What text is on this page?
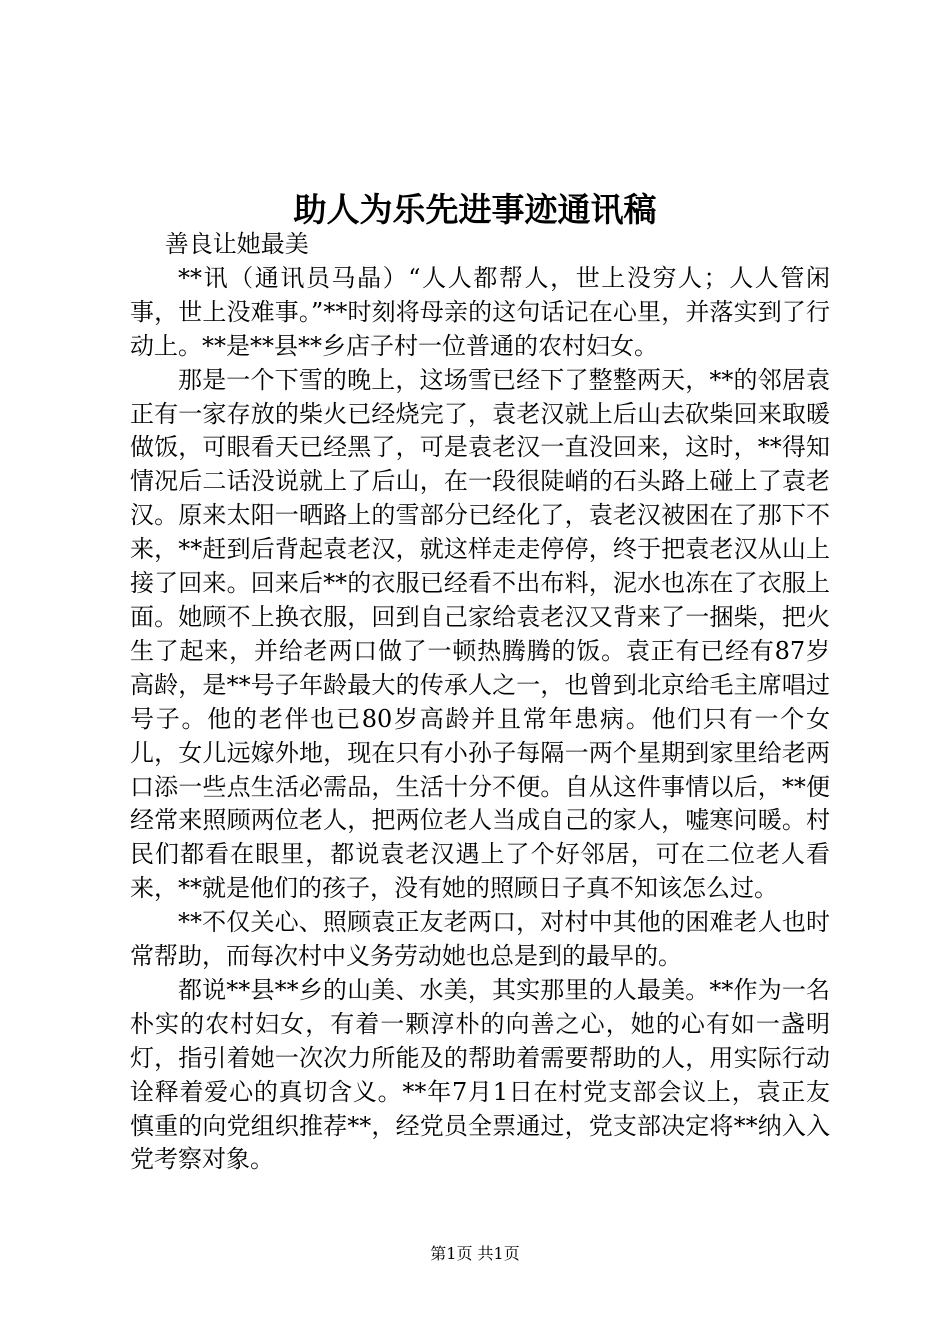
助人为乐先进事迹通讯稿

善良让她最美

**讯（通讯员马晶）“人人都帮人，世上没穷人；人人管闲事，世上没难事。”**时刻将母亲的这句话记在心里，并落实到了行动上。**是**县**乡店子村一位普通的农村妇女。

那是一个下雪的晚上，这场雪已经下了整整两天，**的邻居袁正有一家存放的柴火已经烧完了，袁老汉就上后山去砍柴回来取暖做饭，可眼看天已经黑了，可是袁老汉一直没回来，这时，**得知情况后二话没说就上了后山，在一段很陡峭的石头路上碰上了袁老汉。原来太阳一晒路上的雪部分已经化了，袁老汉被困在了那下不来，**赶到后背起袁老汉，就这样走走停停，终于把袁老汉从山上接了回来。回来后**的衣服已经看不出布料，泥水也冻在了衣服上面。她顾不上换衣服，回到自己家给袁老汉又背来了一捆柴，把火生了起来，并给老两口做了一顿热腾腾的饭。袁正有已经有87岁高龄，是**号子年龄最大的传承人之一，也曾到北京给毛主席唱过号子。他的老伴也已80岁高龄并且常年患病。他们只有一个女儿，女儿远嫁外地，现在只有小孙子每隔一两个星期到家里给老两口添一些点生活必需品，生活十分不便。自从这件事情以后，**便经常来照顾两位老人，把两位老人当成自己的家人，嘘寒问暖。村民们都看在眼里，都说袁老汉遇上了个好邻居，可在二位老人看来，**就是他们的孩子，没有她的照顾日子真不知该怎么过。

**不仅关心、照顾袁正友老两口，对村中其他的困难老人也时常帮助，而每次村中义务劳动她也总是到的最早的。

都说**县**乡的山美、水美，其实那里的人最美。**作为一名朴实的农村妇女，有着一颗淳朴的向善之心，她的心有如一盏明灯，指引着她一次次力所能及的帮助着需要帮助的人，用实际行动诠释着爱心的真切含义。**年7月1日在村党支部会议上，袁正友慎重的向党组织推荐**，经党员全票通过，党支部决定将**纳入入党考察对象。

第1页 共1页
